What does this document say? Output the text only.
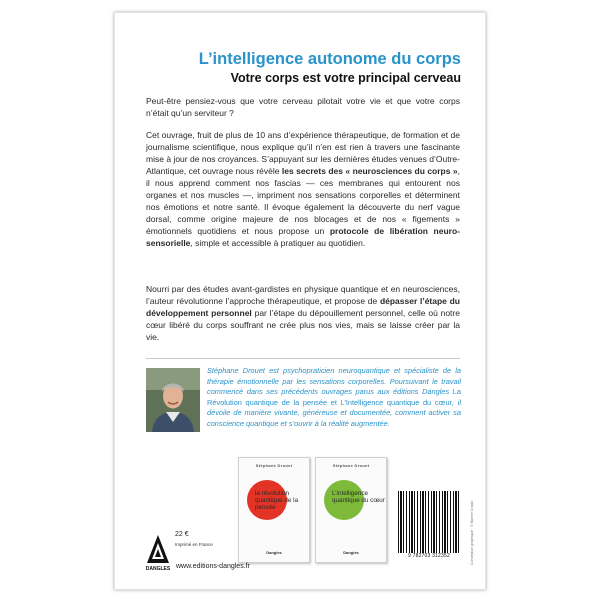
L’intelligence autonome du corps
Votre corps est votre principal cerveau

Peut-être pensiez-vous que votre cerveau pilotait votre vie et que votre corps n’était qu’un serviteur ?

Cet ouvrage, fruit de plus de 10 ans d’expérience thérapeutique, de formation et de journalisme scientifique, nous explique qu’il n’en est rien à travers une fascinante mise à jour de nos croyances. S’appuyant sur les dernières études venues d’Outre-Atlantique, cet ouvrage nous révèle les secrets des « neurosciences du corps », il nous apprend comment nos fascias — ces membranes qui entourent nos organes et nos muscles —, impriment nos sensations corporelles et déterminent nos émotions et notre santé. Il évoque également la découverte du nerf vague dorsal, comme origine majeure de nos blocages et de nos « figements » émotionnels quotidiens et nous propose un protocole de libération neuro-sensorielle, simple et accessible à pratiquer au quotidien.

Nourri par des études avant-gardistes en physique quantique et en neurosciences, l’auteur révolutionne l’approche thérapeutique, et propose de dépasser l’étape du développement personnel par l’étape du dépouillement personnel, celle où notre cœur libéré du corps souffrant ne crée plus nos vies, mais se laisse créer par la vie.

Stéphane Drouet est psychopraticien neuroquantique et spécialiste de la thérapie émotionnelle par les sensations corporelles. Poursuivant le travail commencé dans ses précédents ouvrages parus aux éditions Dangles La Révolution quantique de la pensée et L’Intelligence quantique du cœur, il dévoile de manière vivante, généreuse et documentée, comment activer sa conscience quantique et s’ouvrir à la réalité augmentée.

Stéphane Drouet
la révolution quantique de la pensée
Dangles
Stéphane Drouet
L’intelligence quantique du cœur
Dangles
DANGLES
22 €
Imprimé en France
www.editions-dangles.fr
9 782703 312352	Conception graphique : © Marine Crapio
